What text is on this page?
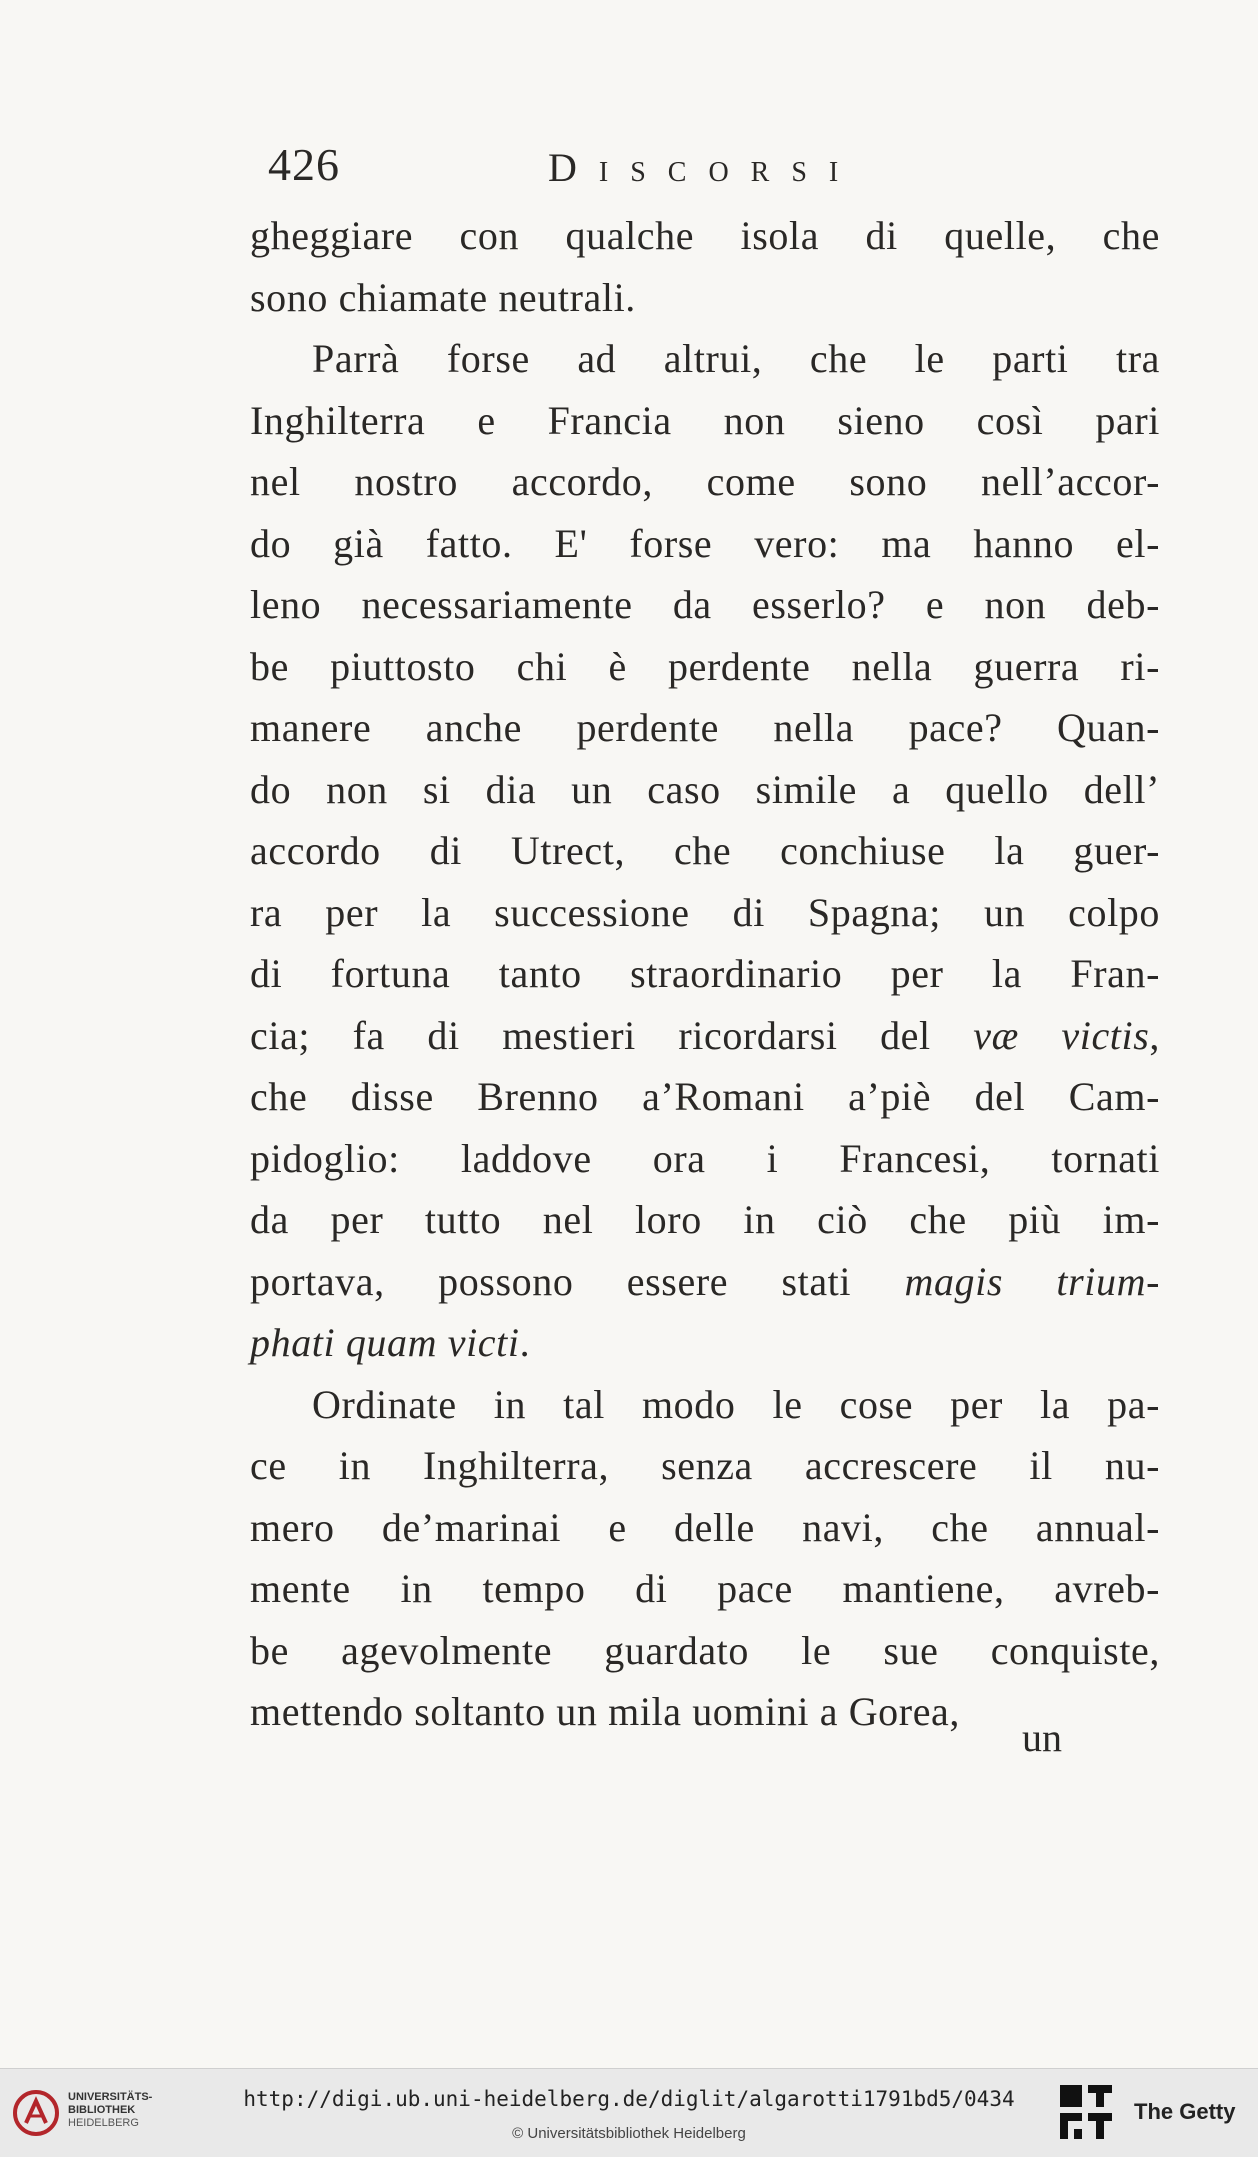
426	Discorsi
gheggiare con qualche isola di quelle, che
sono chiamate neutrali.
Parrà forse ad altrui, che le parti tra
Inghilterra e Francia non sieno così pari
nel nostro accordo, come sono nell’accor-
do già fatto. E' forse vero: ma hanno el-
leno necessariamente da esserlo? e non deb-
be piuttosto chi è perdente nella guerra ri-
manere anche perdente nella pace? Quan-
do non si dia un caso simile a quello dell’
accordo di Utrect, che conchiuse la guer-
ra per la successione di Spagna; un colpo
di fortuna tanto straordinario per la Fran-
cia; fa di mestieri ricordarsi del væ victis,
che disse Brenno a’Romani a’piè del Cam-
pidoglio: laddove ora i Francesi, tornati
da per tutto nel loro in ciò che più im-
portava, possono essere stati magis trium-
phati quam victi.
Ordinate in tal modo le cose per la pa-
ce in Inghilterra, senza accrescere il nu-
mero de’marinai e delle navi, che annual-
mente in tempo di pace mantiene, avreb-
be agevolmente guardato le sue conquiste,
mettendo soltanto un mila uomini a Gorea,
un
UNIVERSITÄTS-
BIBLIOTHEK
HEIDELBERG
http://digi.ub.uni-heidelberg.de/diglit/algarotti1791bd5/0434
© Universitätsbibliothek Heidelberg
The Getty
